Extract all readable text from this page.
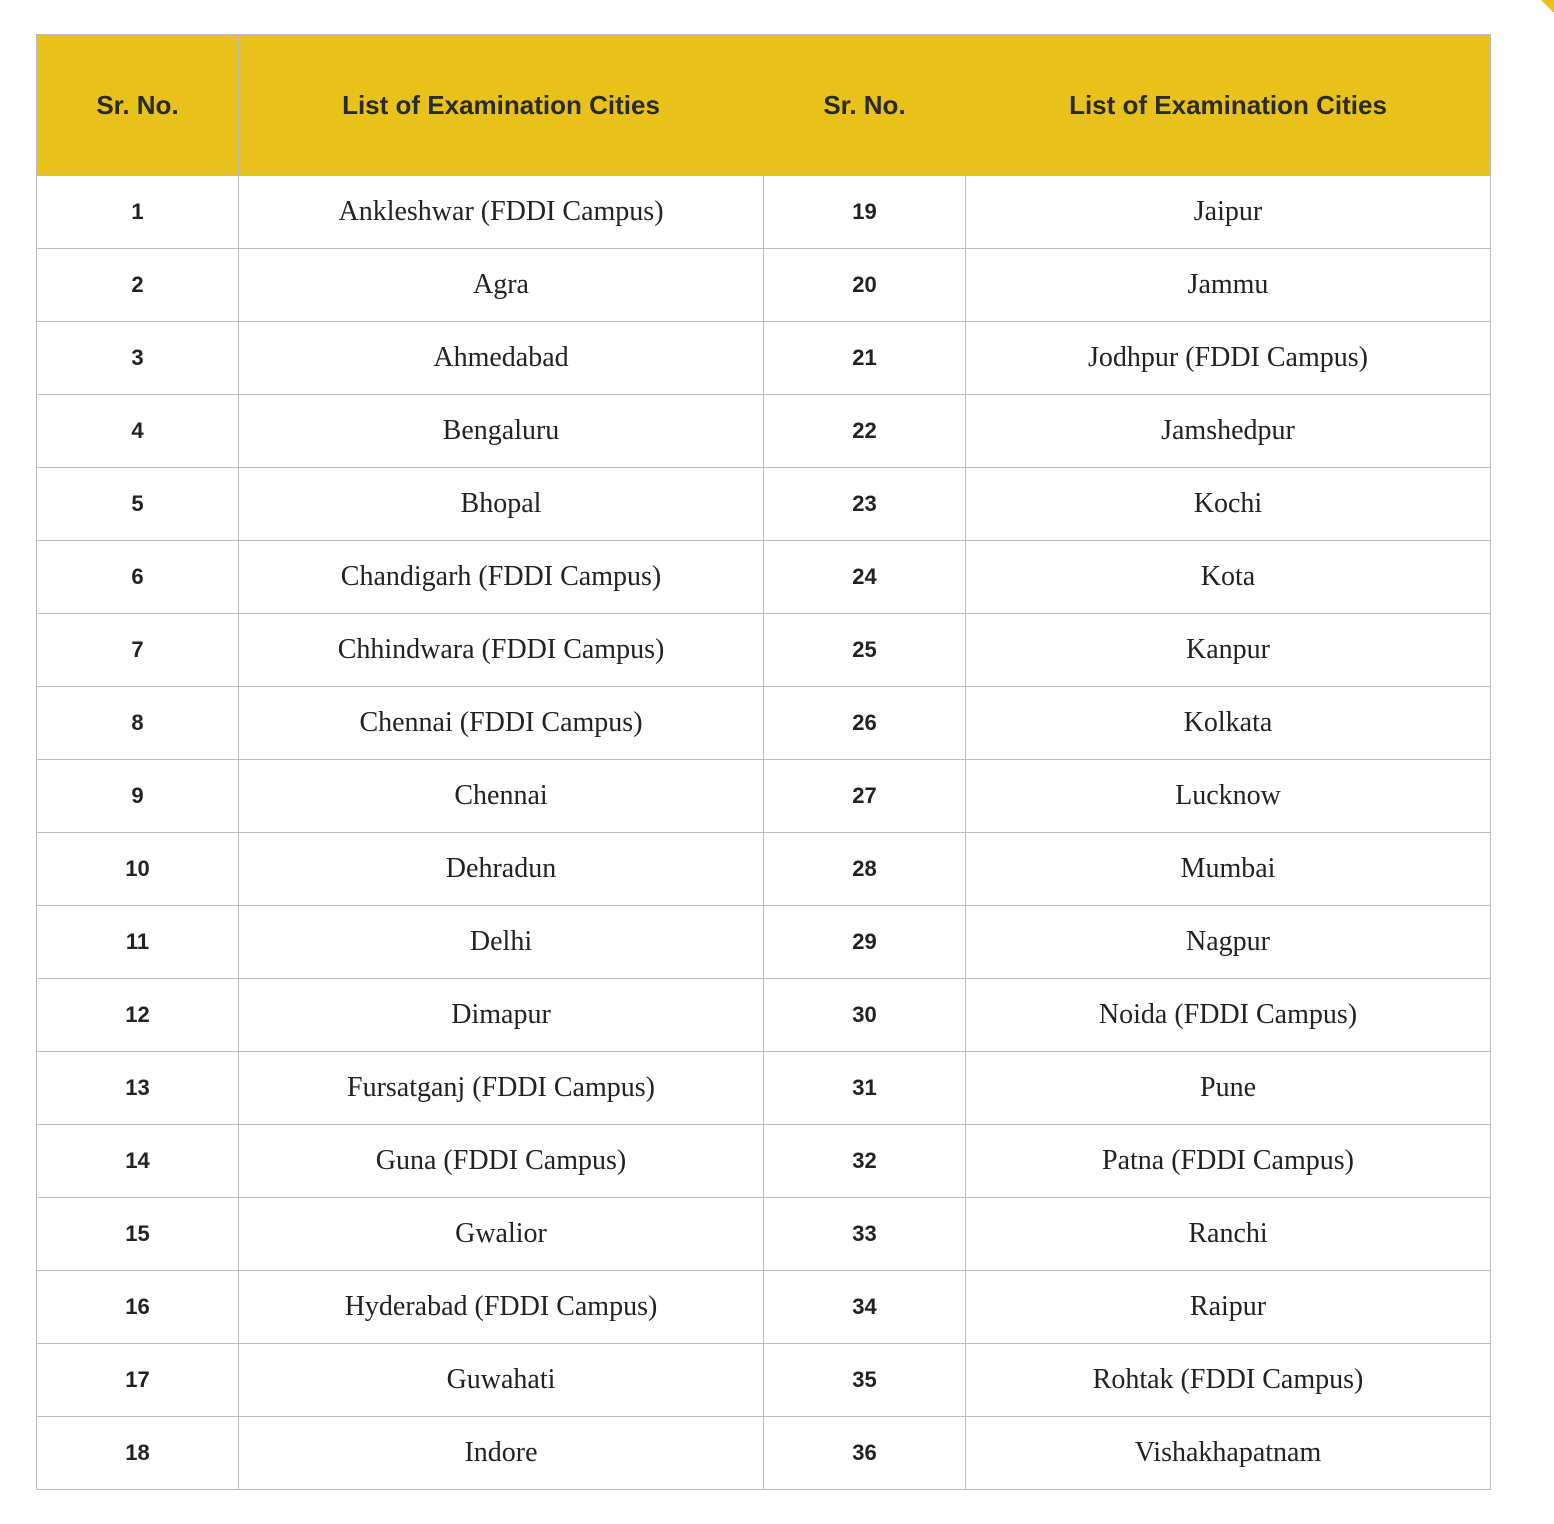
Sr. No.	List of Examination Cities	Sr. No.	List of Examination Cities
1	Ankleshwar (FDDI Campus)	19	Jaipur
2	Agra	20	Jammu
3	Ahmedabad	21	Jodhpur (FDDI Campus)
4	Bengaluru	22	Jamshedpur
5	Bhopal	23	Kochi
6	Chandigarh (FDDI Campus)	24	Kota
7	Chhindwara (FDDI Campus)	25	Kanpur
8	Chennai (FDDI Campus)	26	Kolkata
9	Chennai	27	Lucknow
10	Dehradun	28	Mumbai
11	Delhi	29	Nagpur
12	Dimapur	30	Noida (FDDI Campus)
13	Fursatganj (FDDI Campus)	31	Pune
14	Guna (FDDI Campus)	32	Patna (FDDI Campus)
15	Gwalior	33	Ranchi
16	Hyderabad (FDDI Campus)	34	Raipur
17	Guwahati	35	Rohtak (FDDI Campus)
18	Indore	36	Vishakhapatnam
